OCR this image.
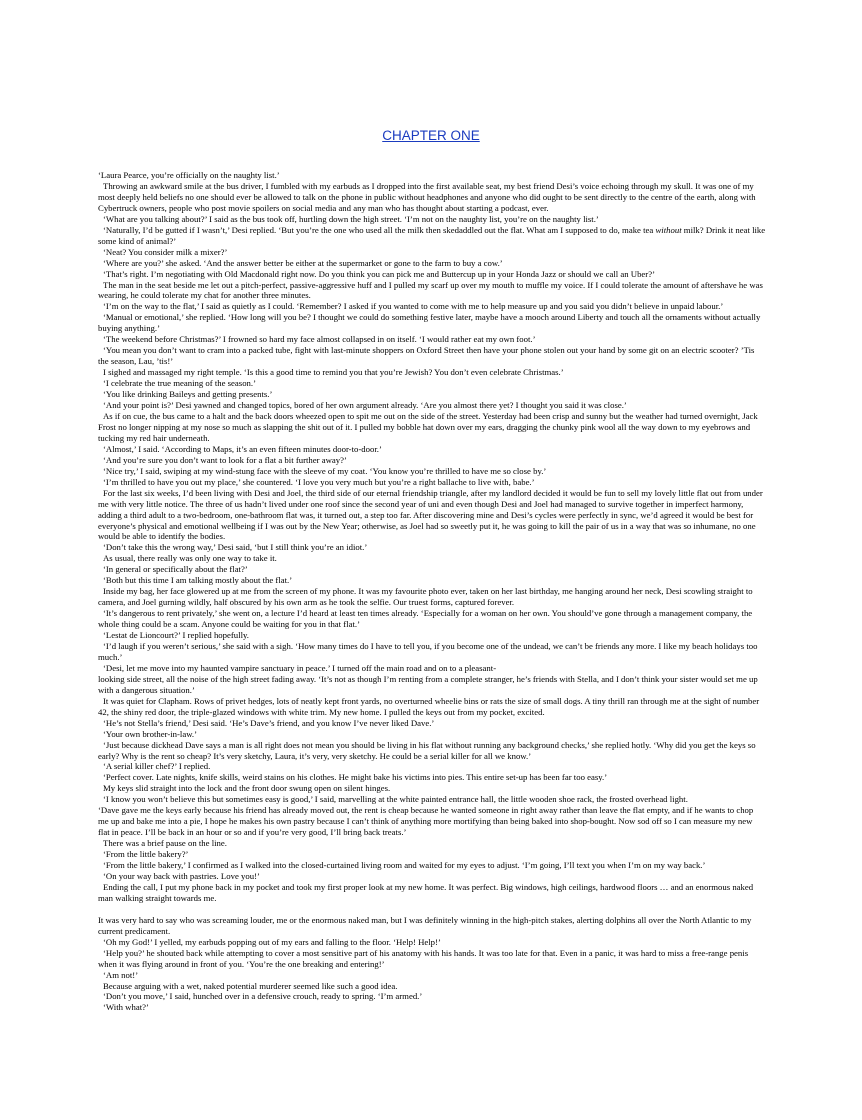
CHAPTER ONE

‘Laura Pearce, you’re officially on the naughty list.’

Throwing an awkward smile at the bus driver, I fumbled with my earbuds as I dropped into the first available seat, my best friend Desi’s voice echoing through my skull. It was one of my most deeply held beliefs no one should ever be allowed to talk on the phone in public without headphones and anyone who did ought to be sent directly to the centre of the earth, along with Cybertruck owners, people who post movie spoilers on social media and any man who has thought about starting a podcast, ever.

‘What are you talking about?’ I said as the bus took off, hurtling down the high street. ‘I’m not on the naughty list, you’re on the naughty list.’

‘Naturally, I’d be gutted if I wasn’t,’ Desi replied. ‘But you’re the one who used all the milk then skedaddled out the flat. What am I supposed to do, make tea without milk? Drink it neat like some kind of animal?’

‘Neat? You consider milk a mixer?’

‘Where are you?’ she asked. ‘And the answer better be either at the supermarket or gone to the farm to buy a cow.’

‘That’s right. I’m negotiating with Old Macdonald right now. Do you think you can pick me and Buttercup up in your Honda Jazz or should we call an Uber?’

The man in the seat beside me let out a pitch-perfect, passive-aggressive huff and I pulled my scarf up over my mouth to muffle my voice. If I could tolerate the amount of aftershave he was wearing, he could tolerate my chat for another three minutes.

‘I’m on the way to the flat,’ I said as quietly as I could. ‘Remember? I asked if you wanted to come with me to help measure up and you said you didn’t believe in unpaid labour.’

‘Manual or emotional,’ she replied. ‘How long will you be? I thought we could do something festive later, maybe have a mooch around Liberty and touch all the ornaments without actually buying anything.’

‘The weekend before Christmas?’ I frowned so hard my face almost collapsed in on itself. ‘I would rather eat my own foot.’

‘You mean you don’t want to cram into a packed tube, fight with last-minute shoppers on Oxford Street then have your phone stolen out your hand by some git on an electric scooter? ’Tis the season, Lau, ’tis!’

I sighed and massaged my right temple. ‘Is this a good time to remind you that you’re Jewish? You don’t even celebrate Christmas.’

‘I celebrate the true meaning of the season.’

‘You like drinking Baileys and getting presents.’

‘And your point is?’ Desi yawned and changed topics, bored of her own argument already. ‘Are you almost there yet? I thought you said it was close.’

As if on cue, the bus came to a halt and the back doors wheezed open to spit me out on the side of the street. Yesterday had been crisp and sunny but the weather had turned overnight, Jack Frost no longer nipping at my nose so much as slapping the shit out of it. I pulled my bobble hat down over my ears, dragging the chunky pink wool all the way down to my eyebrows and tucking my red hair underneath.

‘Almost,’ I said. ‘According to Maps, it’s an even fifteen minutes door-to-door.’

‘And you’re sure you don’t want to look for a flat a bit further away?’

‘Nice try,’ I said, swiping at my wind-stung face with the sleeve of my coat. ‘You know you’re thrilled to have me so close by.’

‘I’m thrilled to have you out my place,’ she countered. ‘I love you very much but you’re a right ballache to live with, babe.’

For the last six weeks, I’d been living with Desi and Joel, the third side of our eternal friendship triangle, after my landlord decided it would be fun to sell my lovely little flat out from under me with very little notice. The three of us hadn’t lived under one roof since the second year of uni and even though Desi and Joel had managed to survive together in imperfect harmony, adding a third adult to a two-bedroom, one-bathroom flat was, it turned out, a step too far. After discovering mine and Desi’s cycles were perfectly in sync, we’d agreed it would be best for everyone’s physical and emotional wellbeing if I was out by the New Year; otherwise, as Joel had so sweetly put it, he was going to kill the pair of us in a way that was so inhumane, no one would be able to identify the bodies.

‘Don’t take this the wrong way,’ Desi said, ‘but I still think you’re an idiot.’

As usual, there really was only one way to take it.

‘In general or specifically about the flat?’

‘Both but this time I am talking mostly about the flat.’

Inside my bag, her face glowered up at me from the screen of my phone. It was my favourite photo ever, taken on her last birthday, me hanging around her neck, Desi scowling straight to camera, and Joel gurning wildly, half obscured by his own arm as he took the selfie. Our truest forms, captured forever.

‘It’s dangerous to rent privately,’ she went on, a lecture I’d heard at least ten times already. ‘Especially for a woman on her own. You should’ve gone through a management company, the whole thing could be a scam. Anyone could be waiting for you in that flat.’

‘Lestat de Lioncourt?’ I replied hopefully.

‘I’d laugh if you weren’t serious,’ she said with a sigh. ‘How many times do I have to tell you, if you become one of the undead, we can’t be friends any more. I like my beach holidays too much.’

‘Desi, let me move into my haunted vampire sanctuary in peace.’ I turned off the main road and on to a pleasant-

looking side street, all the noise of the high street fading away. ‘It’s not as though I’m renting from a complete stranger, he’s friends with Stella, and I don’t think your sister would set me up with a dangerous situation.’

It was quiet for Clapham. Rows of privet hedges, lots of neatly kept front yards, no overturned wheelie bins or rats the size of small dogs. A tiny thrill ran through me at the sight of number 42, the shiny red door, the triple-glazed windows with white trim. My new home. I pulled the keys out from my pocket, excited.

‘He’s not Stella’s friend,’ Desi said. ‘He’s Dave’s friend, and you know I’ve never liked Dave.’

‘Your own brother-in-law.’

‘Just because dickhead Dave says a man is all right does not mean you should be living in his flat without running any background checks,’ she replied hotly. ‘Why did you get the keys so early? Why is the rent so cheap? It’s very sketchy, Laura, it’s very, very sketchy. He could be a serial killer for all we know.’

‘A serial killer chef?’ I replied.

‘Perfect cover. Late nights, knife skills, weird stains on his clothes. He might bake his victims into pies. This entire set-up has been far too easy.’

My keys slid straight into the lock and the front door swung open on silent hinges.

‘I know you won’t believe this but sometimes easy is good,’ I said, marvelling at the white painted entrance hall, the little wooden shoe rack, the frosted overhead light.

‘Dave gave me the keys early because his friend has already moved out, the rent is cheap because he wanted someone in right away rather than leave the flat empty, and if he wants to chop me up and bake me into a pie, I hope he makes his own pastry because I can’t think of anything more mortifying than being baked into shop-bought. Now sod off so I can measure my new flat in peace. I’ll be back in an hour or so and if you’re very good, I’ll bring back treats.’

There was a brief pause on the line.

‘From the little bakery?’

‘From the little bakery,’ I confirmed as I walked into the closed-curtained living room and waited for my eyes to adjust. ‘I’m going, I’ll text you when I’m on my way back.’

‘On your way back with pastries. Love you!’

Ending the call, I put my phone back in my pocket and took my first proper look at my new home. It was perfect. Big windows, high ceilings, hardwood floors … and an enormous naked man walking straight towards me.

It was very hard to say who was screaming louder, me or the enormous naked man, but I was definitely winning in the high-pitch stakes, alerting dolphins all over the North Atlantic to my current predicament.

‘Oh my God!’ I yelled, my earbuds popping out of my ears and falling to the floor. ‘Help! Help!’

‘Help you?’ he shouted back while attempting to cover a most sensitive part of his anatomy with his hands. It was too late for that. Even in a panic, it was hard to miss a free-range penis when it was flying around in front of you. ‘You’re the one breaking and entering!’

‘Am not!’

Because arguing with a wet, naked potential murderer seemed like such a good idea.

‘Don’t you move,’ I said, hunched over in a defensive crouch, ready to spring. ‘I’m armed.’

‘With what?’
